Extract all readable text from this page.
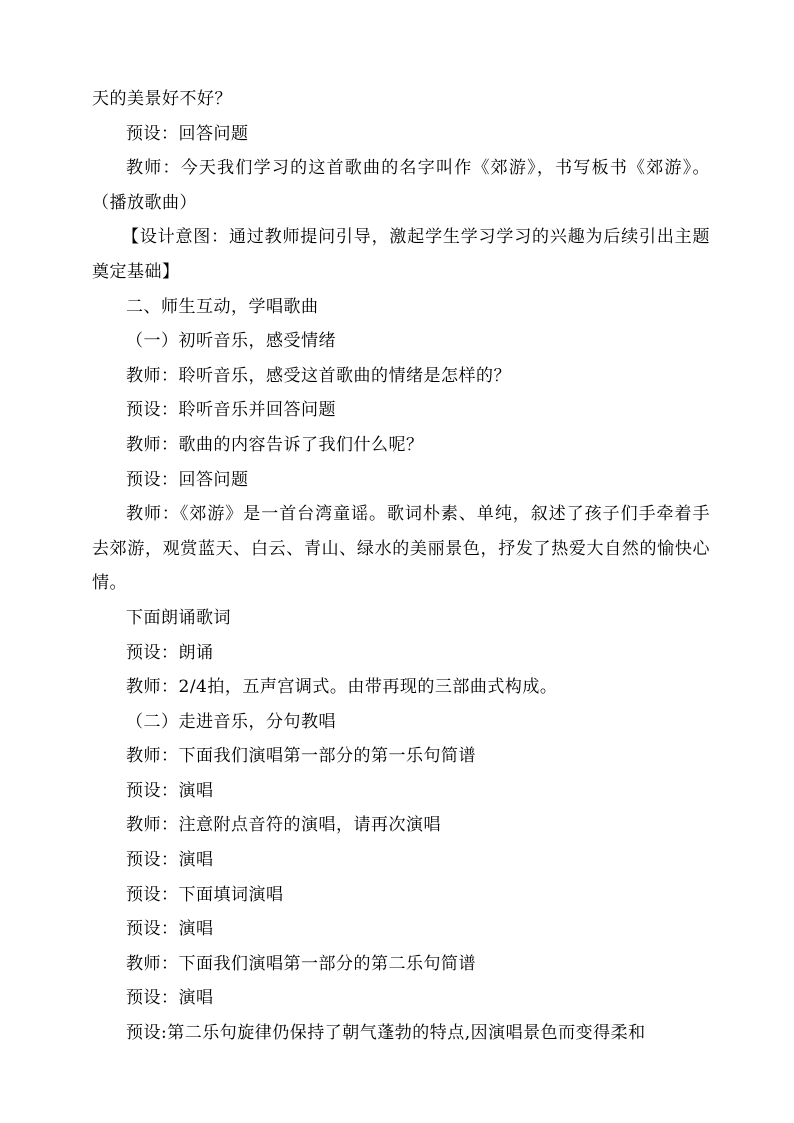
天的美景好不好？

预设：回答问题

教师：今天我们学习的这首歌曲的名字叫作《郊游》，书写板书《郊游》。（播放歌曲）

【设计意图：通过教师提问引导，激起学生学习学习的兴趣为后续引出主题奠定基础】

二、师生互动，学唱歌曲

（一）初听音乐，感受情绪

教师：聆听音乐，感受这首歌曲的情绪是怎样的？

预设：聆听音乐并回答问题

教师：歌曲的内容告诉了我们什么呢？

预设：回答问题

教师：《郊游》是一首台湾童谣。歌词朴素、单纯，叙述了孩子们手牵着手去郊游，观赏蓝天、白云、青山、绿水的美丽景色，抒发了热爱大自然的愉快心情。

下面朗诵歌词

预设：朗诵

教师：2/4拍，五声宫调式。由带再现的三部曲式构成。

（二）走进音乐，分句教唱

教师：下面我们演唱第一部分的第一乐句简谱

预设：演唱

教师：注意附点音符的演唱，请再次演唱

预设：演唱

预设：下面填词演唱

预设：演唱

教师：下面我们演唱第一部分的第二乐句简谱

预设：演唱

预设:第二乐句旋律仍保持了朝气蓬勃的特点,因演唱景色而变得柔和
